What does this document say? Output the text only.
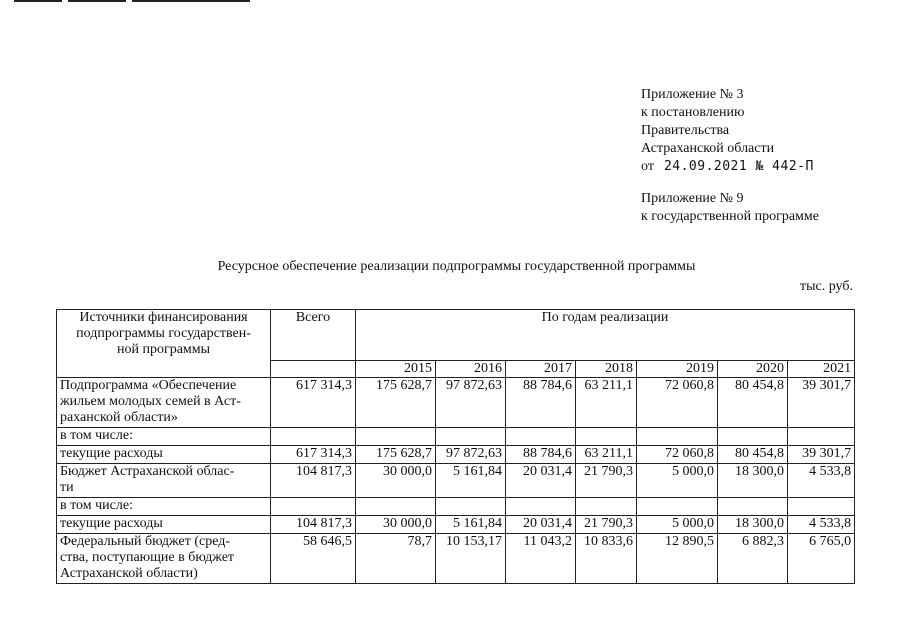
Приложение № 3
к постановлению
Правительства
Астраханской области
от 24.09.2021 № 442-П
Приложение № 9
к государственной программе
Ресурсное обеспечение реализации подпрограммы государственной программы
тыс. руб.
Источники финансирования
подпрограммы государствен-
ной программы	Всего	По годам реализации						
		2015	2016	2017	2018	2019	2020	2021

Подпрограмма «Обеспечение
жильем молодых семей в Аст-
раханской области»	617 314,3	175 628,7	97 872,63	88 784,6	63 211,1	72 060,8	80 454,8	39 301,7
в том числе:								
текущие расходы	617 314,3	175 628,7	97 872,63	88 784,6	63 211,1	72 060,8	80 454,8	39 301,7

Бюджет Астраханской облас-
ти	104 817,3	30 000,0	5 161,84	20 031,4	21 790,3	5 000,0	18 300,0	4 533,8
в том числе:								
текущие расходы	104 817,3	30 000,0	5 161,84	20 031,4	21 790,3	5 000,0	18 300,0	4 533,8

Федеральный бюджет (сред-
ства, поступающие в бюджет
Астраханской области)	58 646,5	78,7	10 153,17	11 043,2	10 833,6	12 890,5	6 882,3	6 765,0
